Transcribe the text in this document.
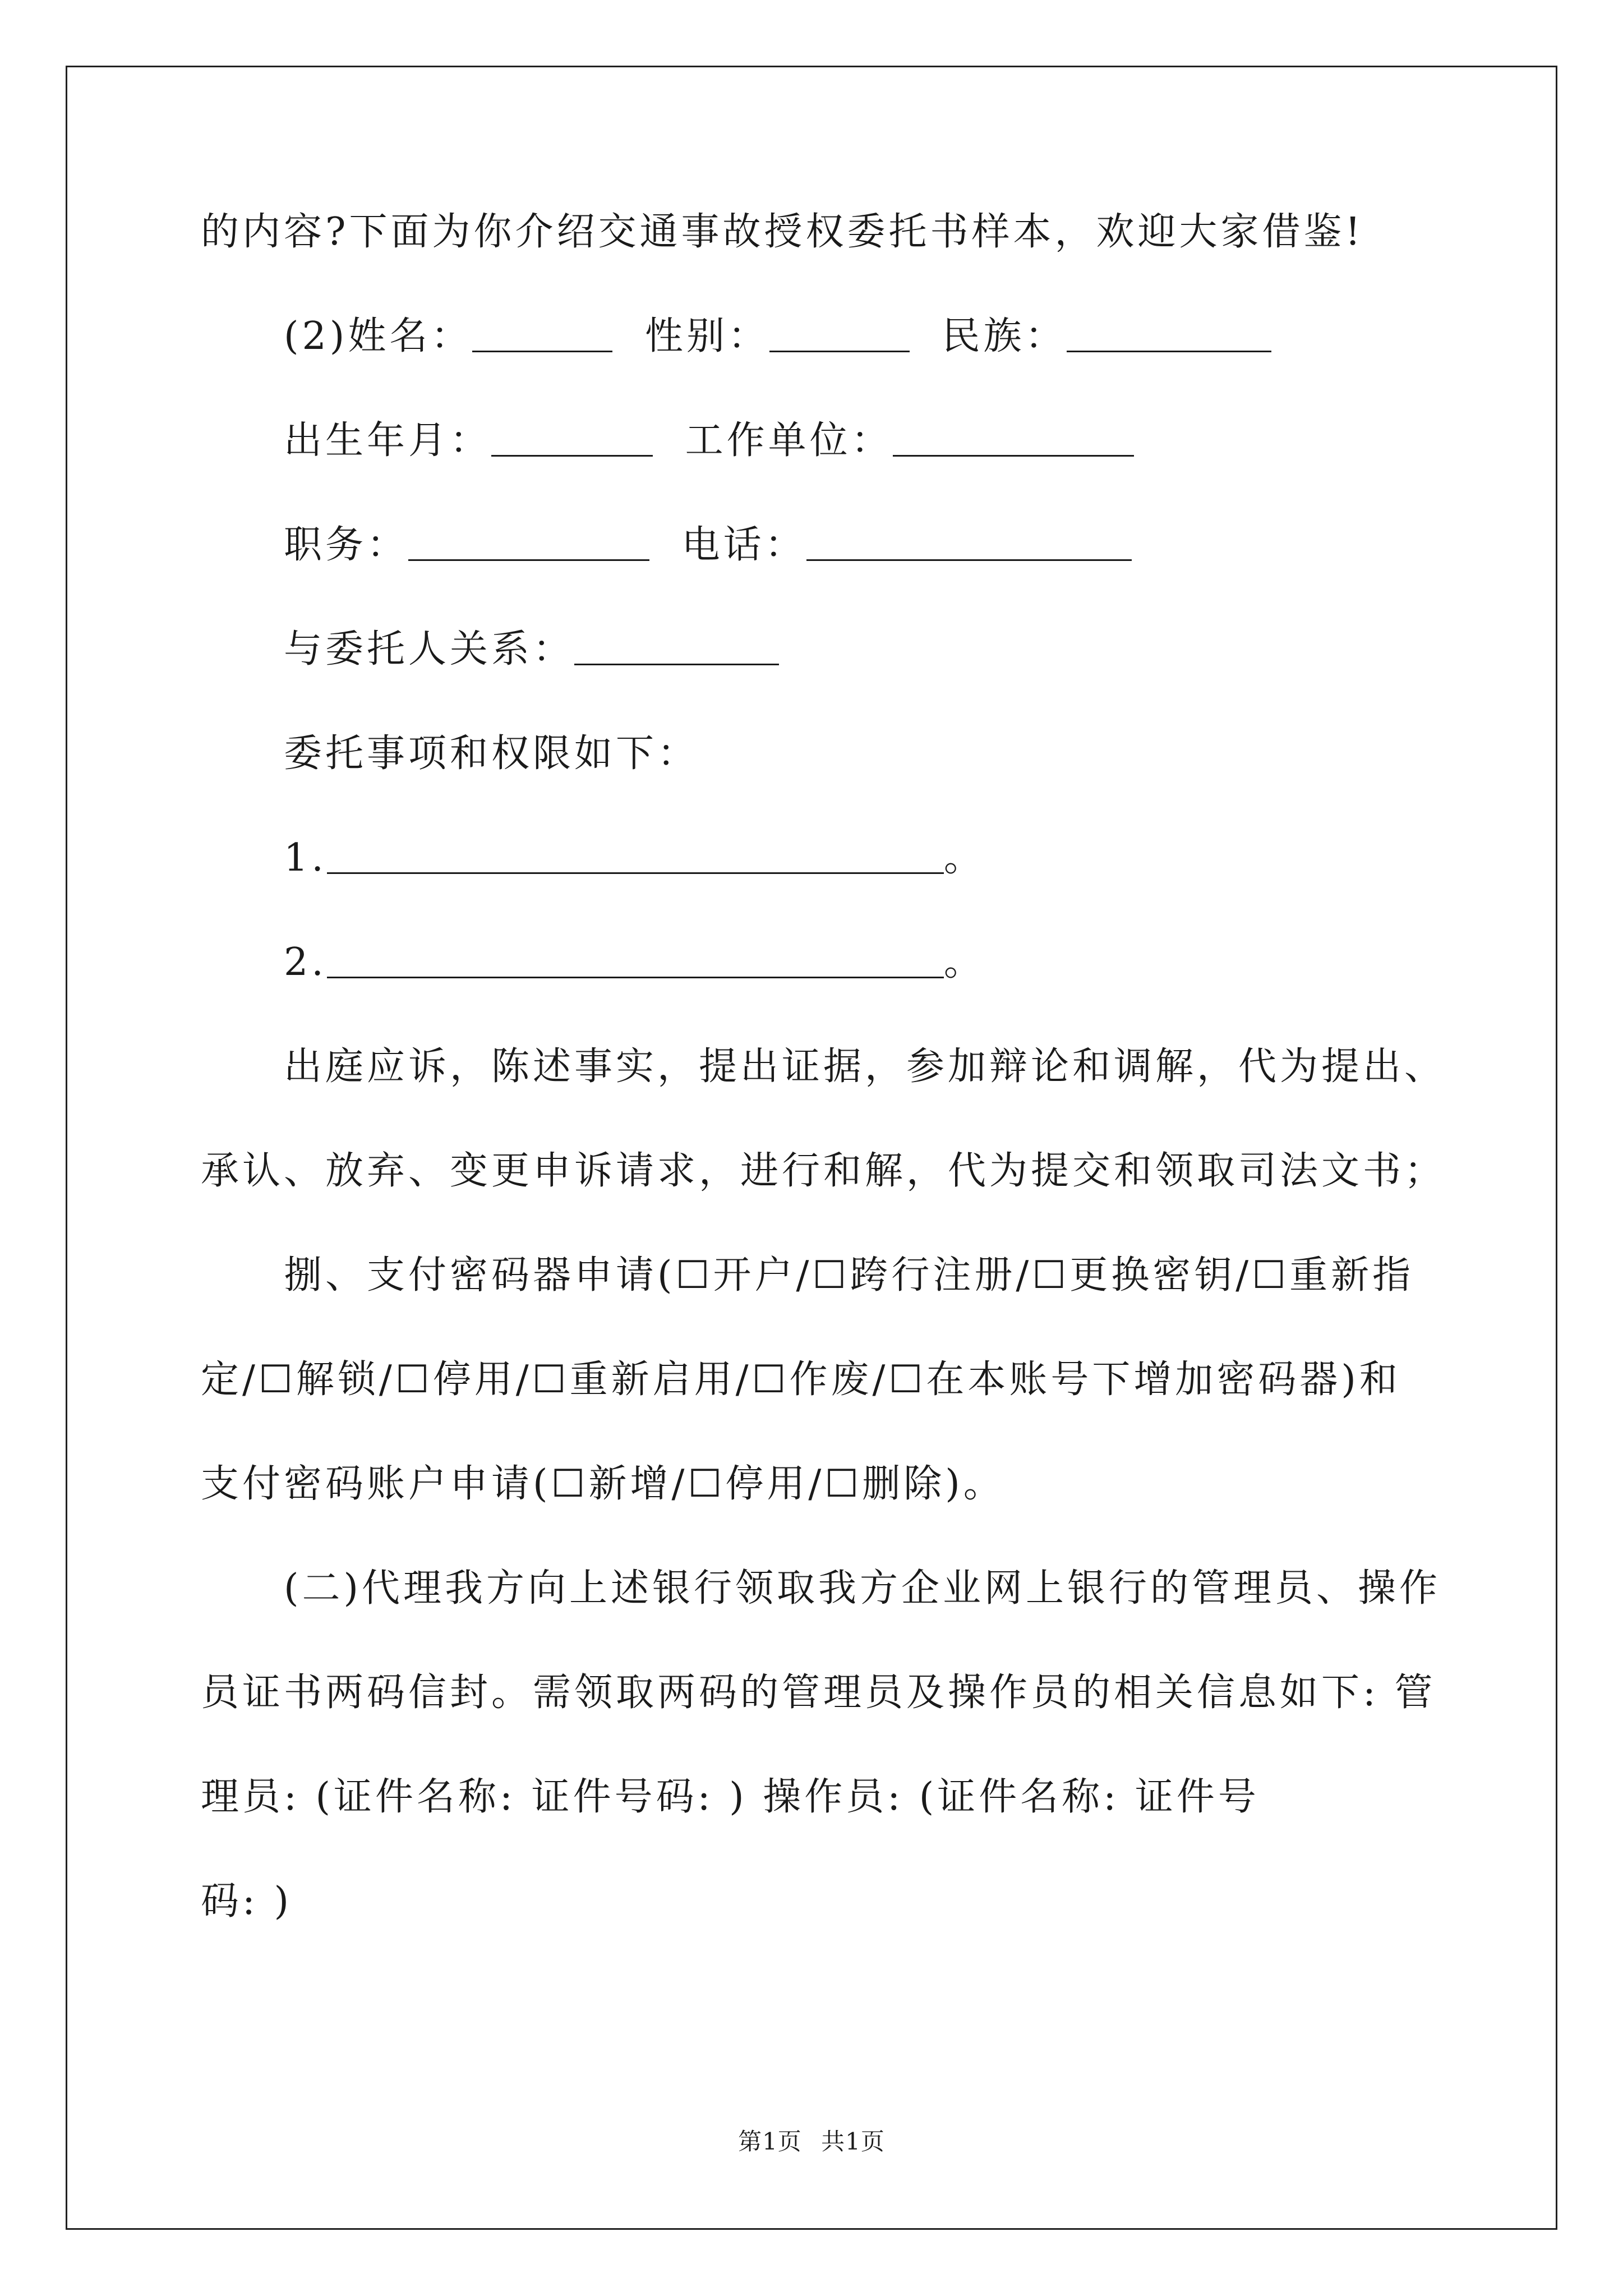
的内容?下面为你介绍交通事故授权委托书样本，欢迎大家借鉴!
(2)姓名：	性别：	民族：
出生年月：	工作单位：
职务：	电话：
与委托人关系：
委托事项和权限如下：
1.	。
2.	。
出庭应诉，陈述事实，提出证据，参加辩论和调解，代为提出、
承认、放弃、变更申诉请求，进行和解，代为提交和领取司法文书；
捌、支付密码器申请(☐开户/☐跨行注册/☐更换密钥/☐重新指
定/☐解锁/☐停用/☐重新启用/☐作废/☐在本账号下增加密码器)和
支付密码账户申请(☐新增/☐停用/☐删除)。
(二)代理我方向上述银行领取我方企业网上银行的管理员、操作
员证书两码信封。需领取两码的管理员及操作员的相关信息如下: 管
理员: (证件名称: 证件号码: ) 操作员: (证件名称: 证件号
码: )
第1页 共1页
